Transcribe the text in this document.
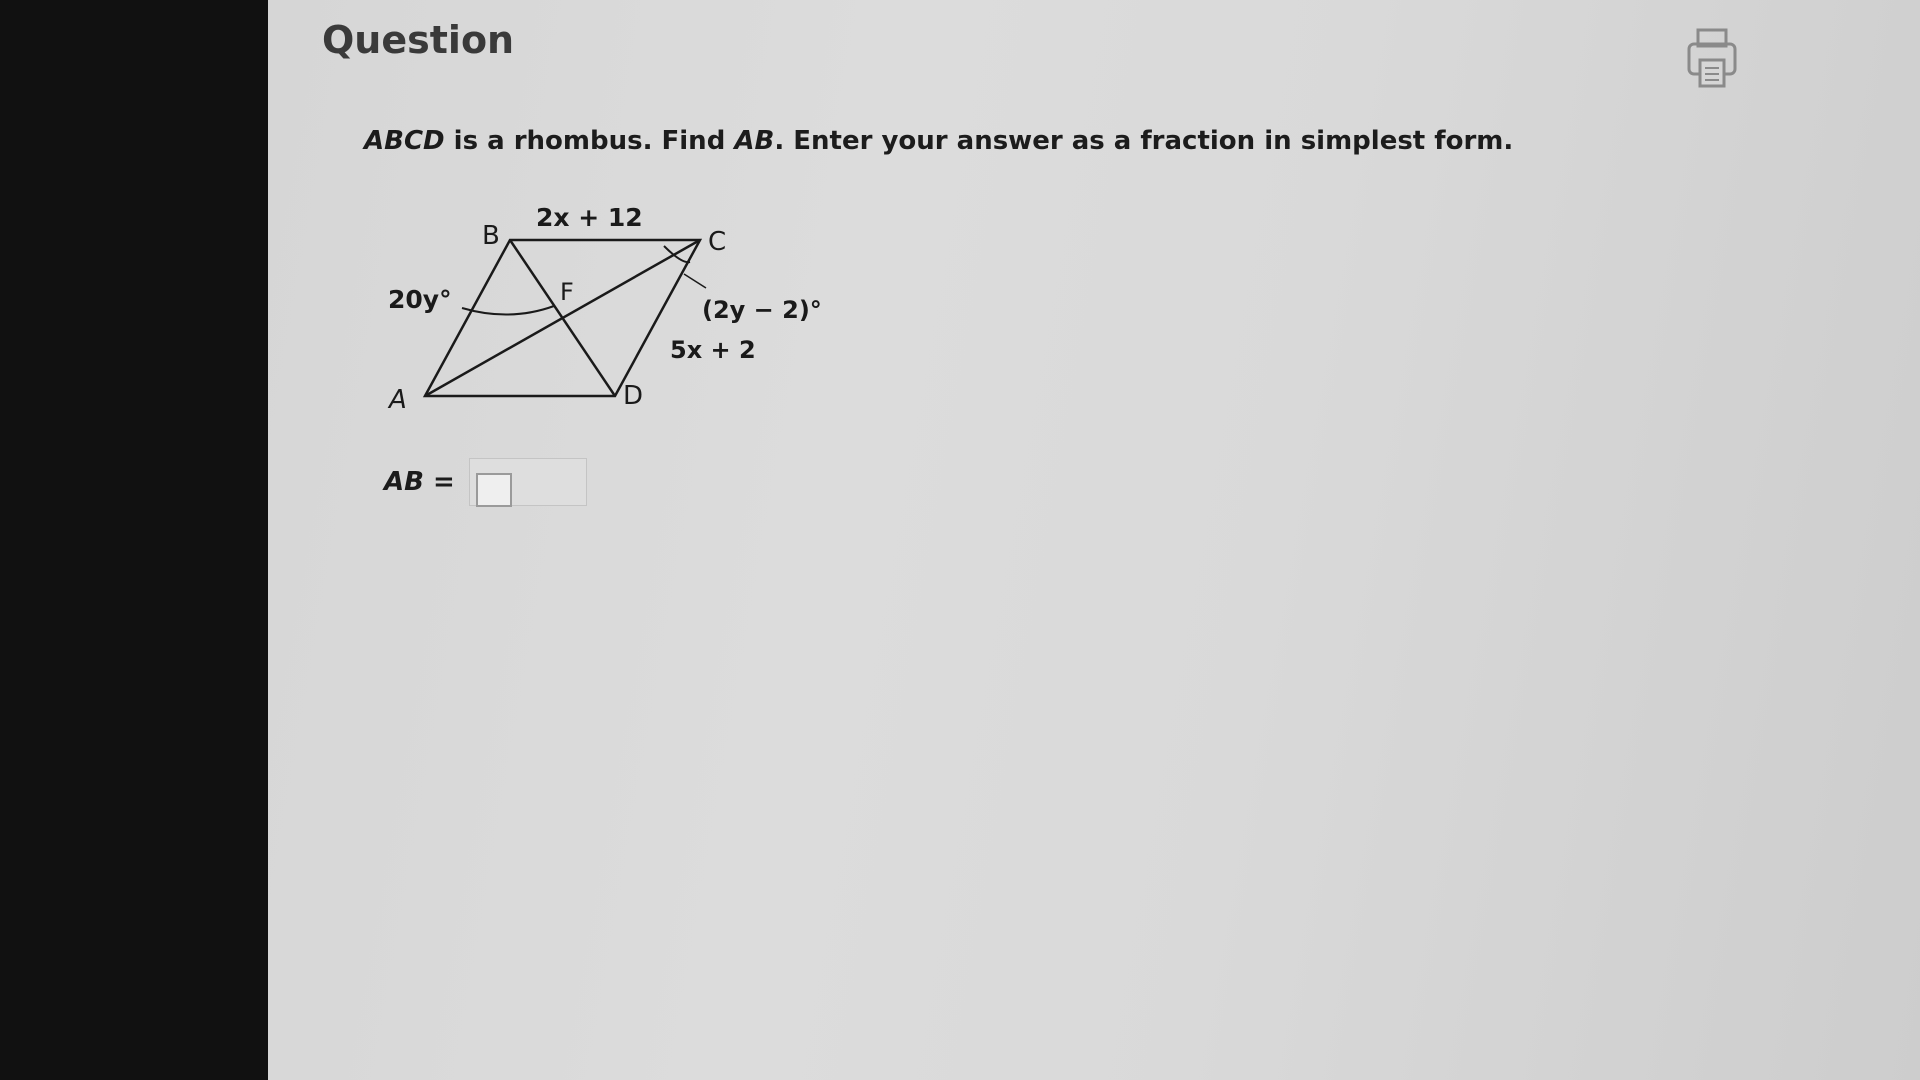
Question
ABCD is a rhombus. Find AB. Enter your answer as a fraction in simplest form.
B	C
A	D
F
2x + 12
20y°	(2y − 2)°
5x + 2
AB =
